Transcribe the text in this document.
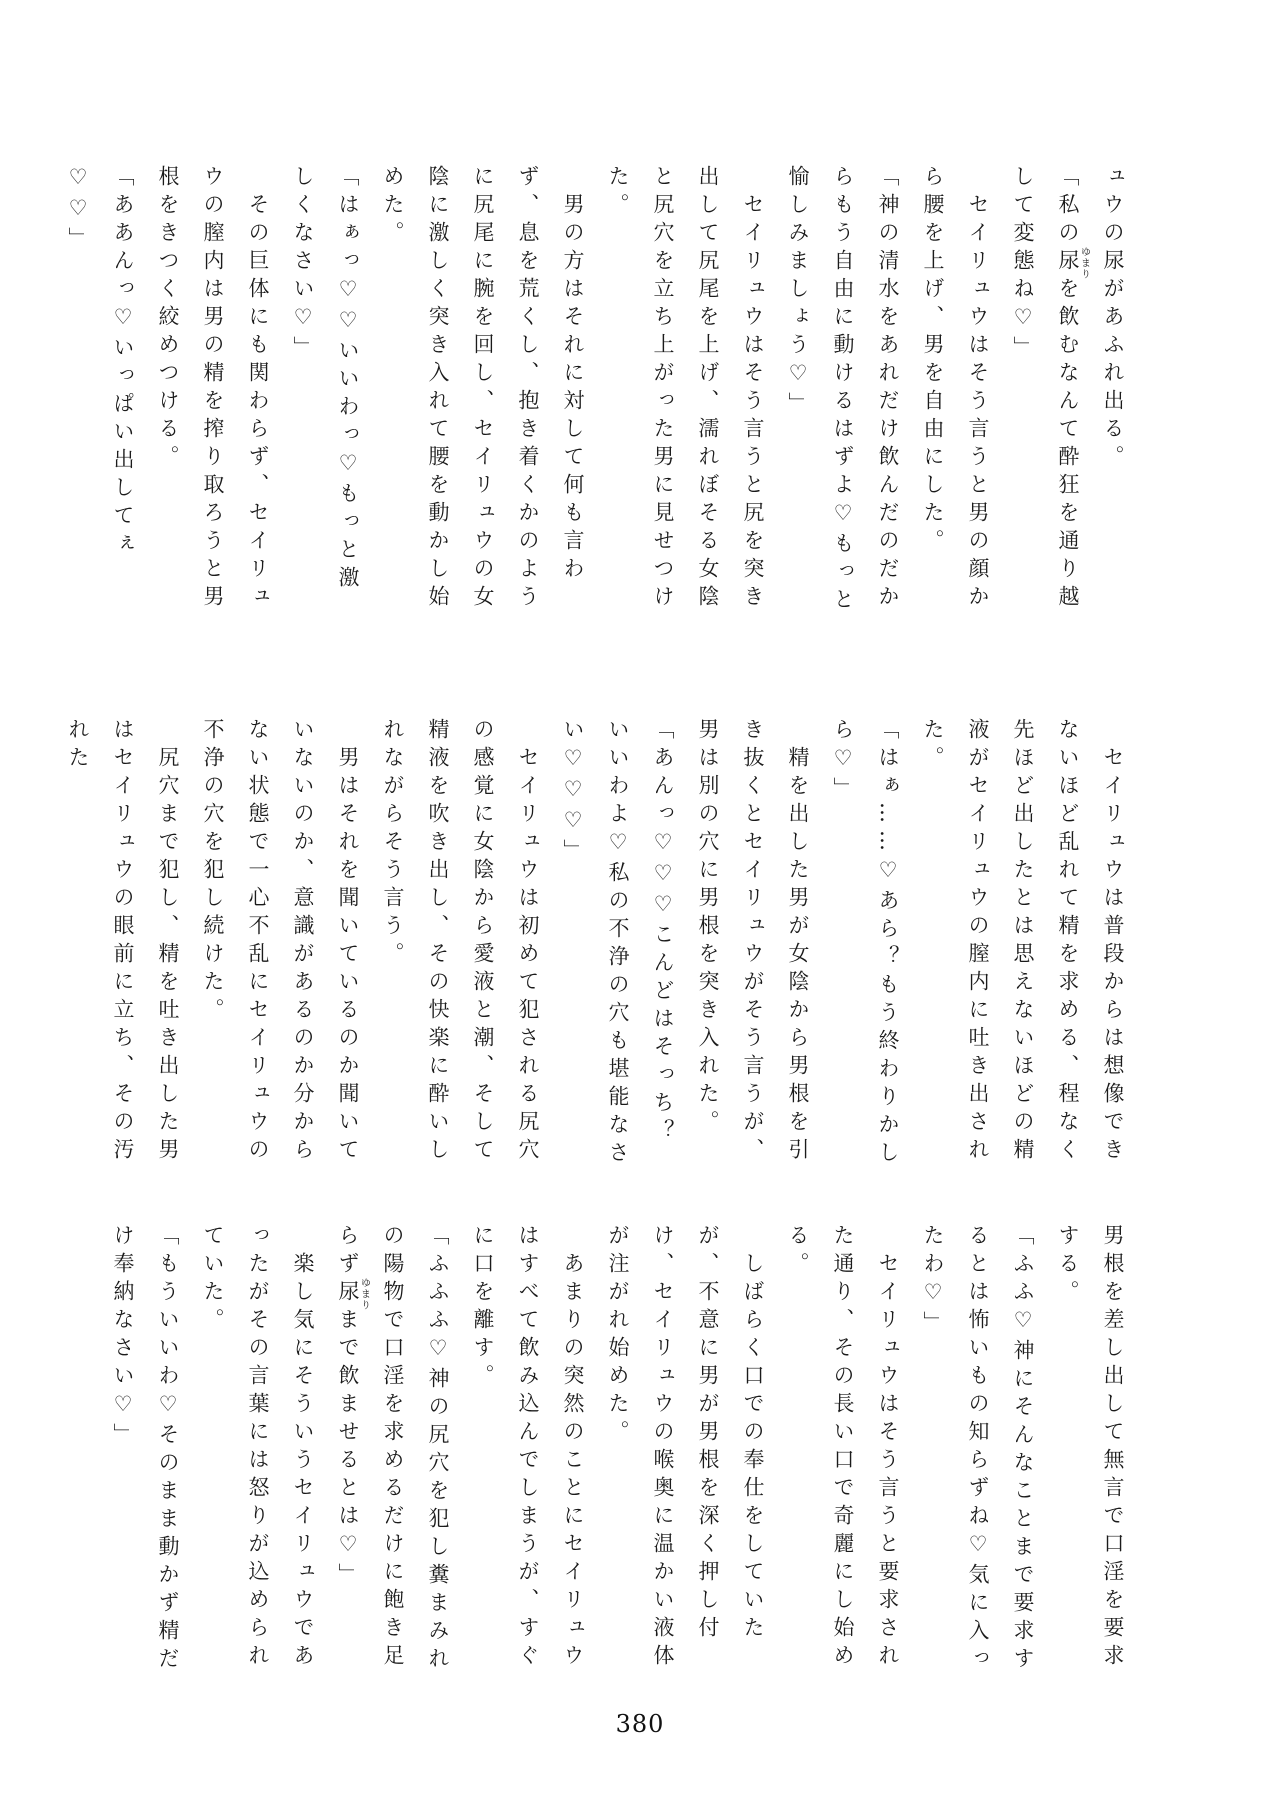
ュウの尿があふれ出る。

「私の尿ゆまりを飲むなんて酔狂を通り越して変態ね♡」

　セイリュウはそう言うと男の顔から腰を上げ、男を自由にした。

「神の清水をあれだけ飲んだのだからもう自由に動けるはずよ♡もっと愉しみましょう♡」

　セイリュウはそう言うと尻を突き出して尻尾を上げ、濡れぼそる女陰と尻穴を立ち上がった男に見せつけた。

　男の方はそれに対して何も言わず、息を荒くし、抱き着くかのように尻尾に腕を回し、セイリュウの女陰に激しく突き入れて腰を動かし始めた。

「はぁっ♡♡いいわっ♡もっと激しくなさい♡」

　その巨体にも関わらず、セイリュウの膣内は男の精を搾り取ろうと男根をきつく絞めつける。

「ああんっ♡いっぱい出してぇ♡♡」

　セイリュウは普段からは想像できないほど乱れて精を求める、程なく先ほど出したとは思えないほどの精液がセイリュウの膣内に吐き出された。

「はぁ……♡あら？もう終わりかしら♡」

　精を出した男が女陰から男根を引き抜くとセイリュウがそう言うが、男は別の穴に男根を突き入れた。

「あんっ♡♡♡こんどはそっち？いいわよ♡私の不浄の穴も堪能なさい♡♡♡」

　セイリュウは初めて犯される尻穴の感覚に女陰から愛液と潮、そして精液を吹き出し、その快楽に酔いしれながらそう言う。

　男はそれを聞いているのか聞いていないのか、意識があるのか分からない状態で一心不乱にセイリュウの不浄の穴を犯し続けた。

　尻穴まで犯し、精を吐き出した男はセイリュウの眼前に立ち、その汚れた

男根を差し出して無言で口淫を要求する。

「ふふ♡神にそんなことまで要求するとは怖いもの知らずね♡気に入ったわ♡」

　セイリュウはそう言うと要求された通り、その長い口で奇麗にし始める。

　しばらく口での奉仕をしていたが、不意に男が男根を深く押し付け、セイリュウの喉奥に温かい液体が注がれ始めた。

　あまりの突然のことにセイリュウはすべて飲み込んでしまうが、すぐに口を離す。

「ふふふ♡神の尻穴を犯し糞まみれの陽物で口淫を求めるだけに飽き足らず尿ゆまりまで飲ませるとは♡」

　楽し気にそういうセイリュウであったがその言葉には怒りが込められていた。

「もういいわ♡そのまま動かず精だけ奉納なさい♡」

380
